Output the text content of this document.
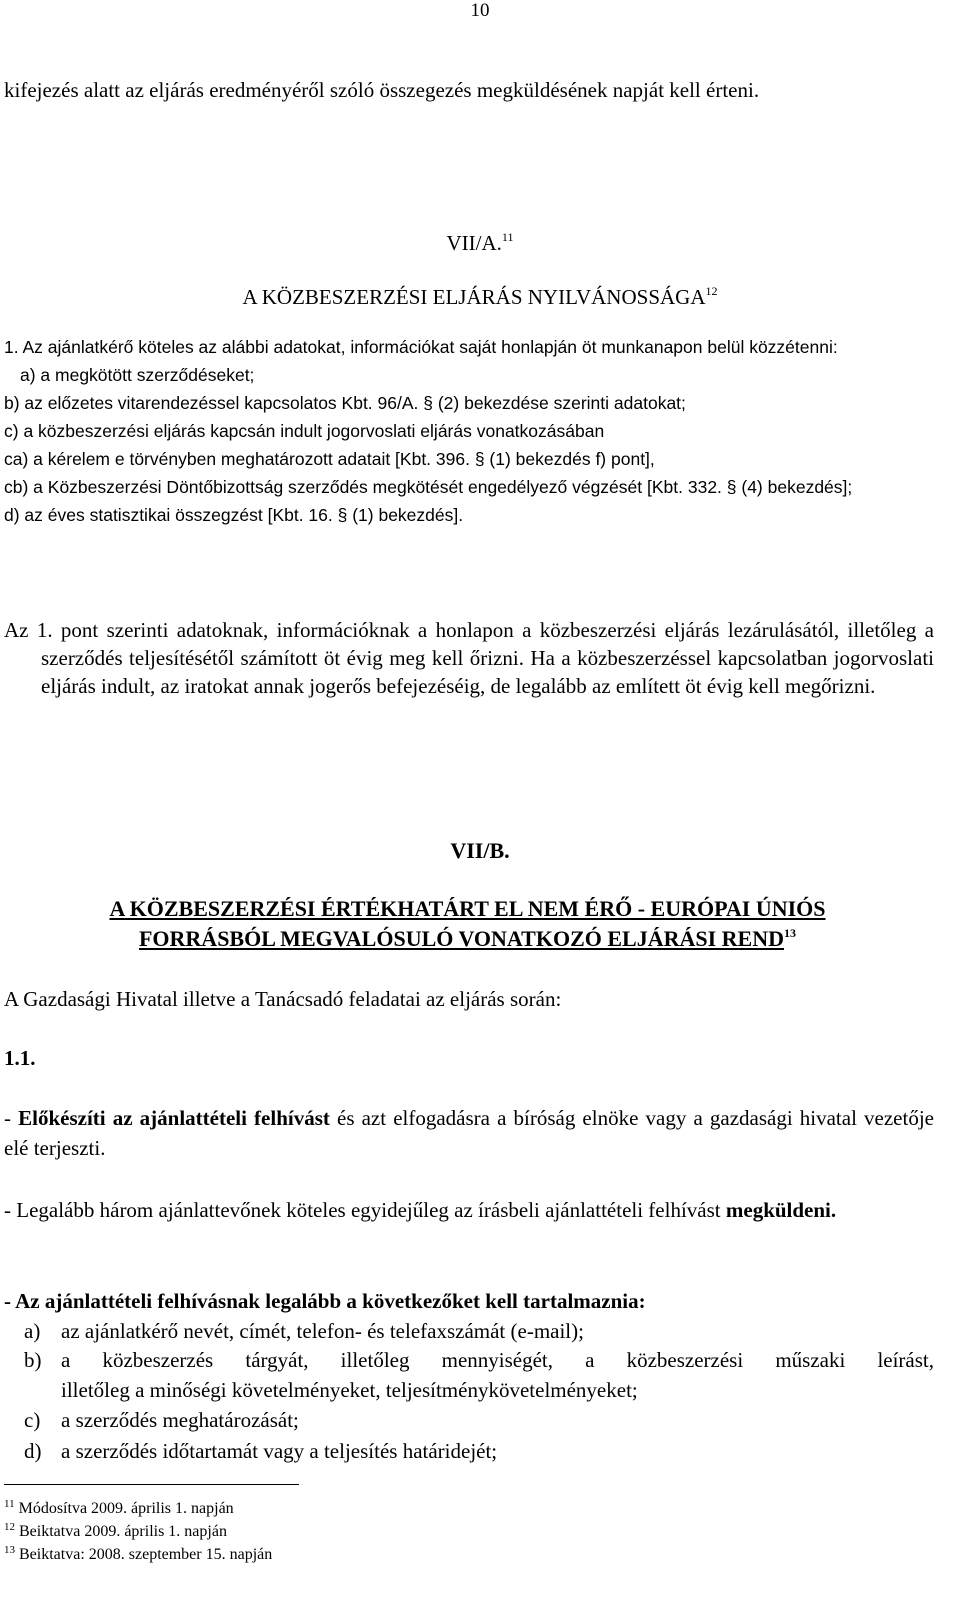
10
kifejezés alatt az eljárás eredményéről szóló összegezés megküldésének napját kell érteni.
VII/A.$^{11}$
A KÖZBESZERZÉSI ELJÁRÁS NYILVÁNOSSÁGA$^{12}$
1. Az ajánlatkérő köteles az alábbi adatokat, információkat saját honlapján öt munkanapon belül közzétenni:
a) a megkötött szerződéseket;
b) az előzetes vitarendezéssel kapcsolatos Kbt. 96/A. § (2) bekezdése szerinti adatokat;
c) a közbeszerzési eljárás kapcsán indult jogorvoslati eljárás vonatkozásában
ca) a kérelem e törvényben meghatározott adatait [Kbt. 396. § (1) bekezdés f) pont],
cb) a Közbeszerzési Döntőbizottság szerződés megkötését engedélyező végzését [Kbt. 332. § (4) bekezdés];
d) az éves statisztikai összegzést [Kbt. 16. § (1) bekezdés].
Az 1. pont szerinti adatoknak, információknak a honlapon a közbeszerzési eljárás lezárulásától, illetőleg a szerződés teljesítésétől számított öt évig meg kell őrizni. Ha a közbeszerzéssel kapcsolatban jogorvoslati eljárás indult, az iratokat annak jogerős befejezéséig, de legalább az említett öt évig kell megőrizni.
VII/B.
A KÖZBESZERZÉSI ÉRTÉKHATÁRT EL NEM ÉRŐ - EURÓPAI ÚNIÓS
FORRÁSBÓL MEGVALÓSULÓ VONATKOZÓ ELJÁRÁSI REND$^{13}$
A Gazdasági Hivatal illetve a Tanácsadó feladatai az eljárás során:
1.1.
- Előkészíti az ajánlattételi felhívást és azt elfogadásra a bíróság elnöke vagy a gazdasági hivatal vezetője elé terjeszti.
- Legalább három ajánlattevőnek köteles egyidejűleg az írásbeli ajánlattételi felhívást megküldeni.
- Az ajánlattételi felhívásnak legalább a következőket kell tartalmaznia:
a) az ajánlatkérő nevét, címét, telefon- és telefaxszámát (e-mail);
b) a közbeszerzés tárgyát, illetőleg mennyiségét, a közbeszerzési műszaki leírást,
illetőleg a minőségi követelményeket, teljesítménykövetelményeket;
c) a szerződés meghatározását;
d) a szerződés időtartamát vagy a teljesítés határidejét;
$^{11}$ Módosítva 2009. április 1. napján
$^{12}$ Beiktatva 2009. április 1. napján
$^{13}$ Beiktatva: 2008. szeptember 15. napján
